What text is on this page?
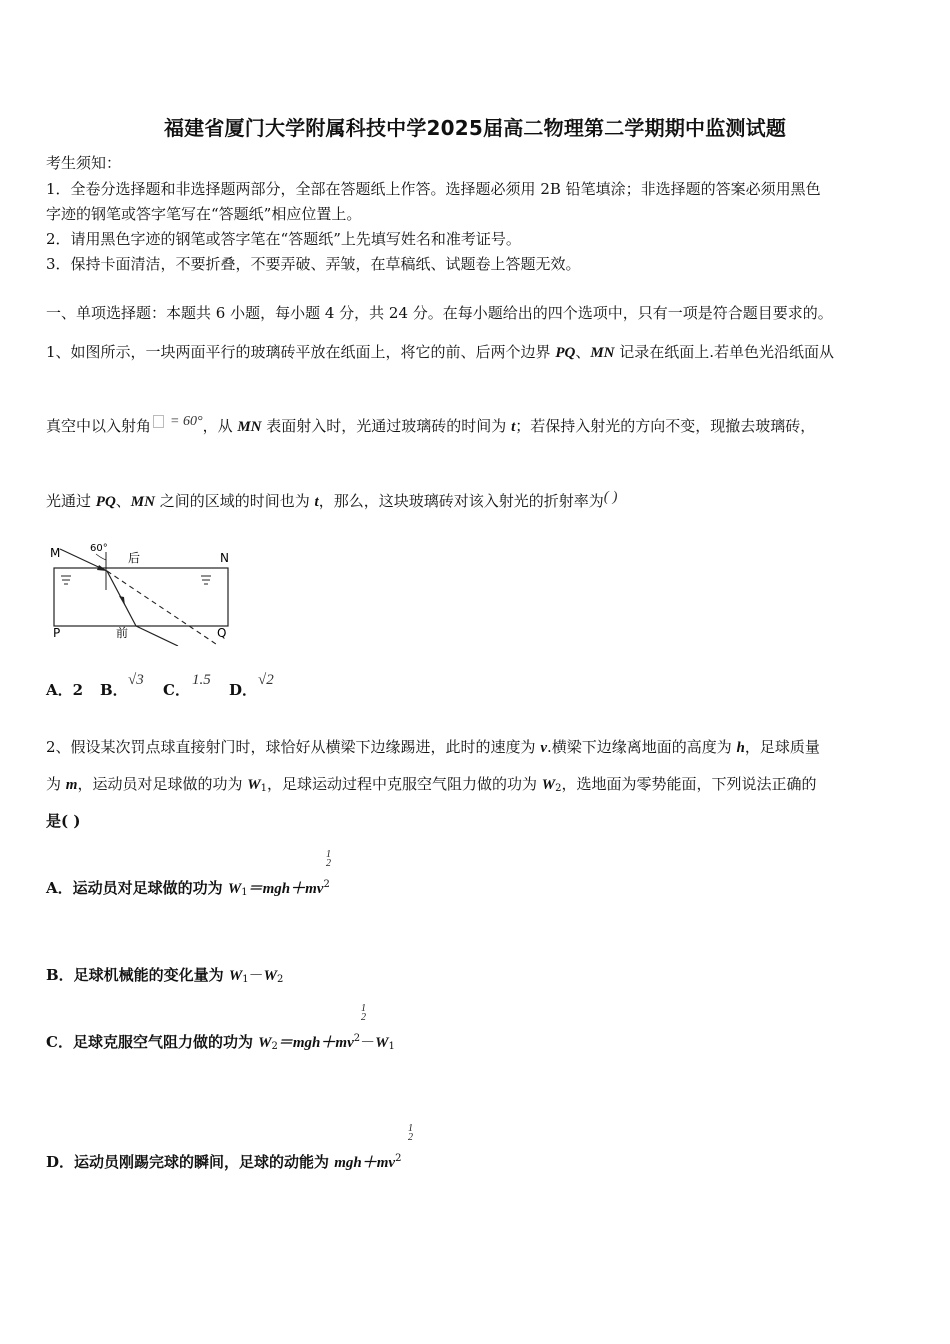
福建省厦门大学附属科技中学2025届高二物理第二学期期中监测试题
考生须知：
1．全卷分选择题和非选择题两部分，全部在答题纸上作答。选择题必须用 2B 铅笔填涂；非选择题的答案必须用黑色
字迹的钢笔或答字笔写在“答题纸”相应位置上。
2．请用黑色字迹的钢笔或答字笔在“答题纸”上先填写姓名和准考证号。
3．保持卡面清洁，不要折叠，不要弄破、弄皱，在草稿纸、试题卷上答题无效。
一、单项选择题：本题共 6 小题，每小题 4 分，共 24 分。在每小题给出的四个选项中，只有一项是符合题目要求的。
1、如图所示，一块两面平行的玻璃砖平放在纸面上，将它的前、后两个边界 PQ、MN 记录在纸面上.若单色光沿纸面从
真空中以入射角 = 60°，从 MN 表面射入时，光通过玻璃砖的时间为 t；若保持入射光的方向不变，现撤去玻璃砖，
光通过 PQ、MN 之间的区域的时间也为 t，那么，这块玻璃砖对该入射光的折射率为( )
M	N
P	Q
60°
后
前
A．2 B．
√3
C．
1.5
D．
√2
2、假设某次罚点球直接射门时，球恰好从横梁下边缘踢进，此时的速度为 v.横梁下边缘离地面的高度为 h，足球质量
为 m，运动员对足球做的功为 $W_1$，足球运动过程中克服空气阻力做的功为 $W_2$，选地面为零势能面，下列说法正确的
是( )
1
2
A．运动员对足球做的功为 $W_1=mgh+mv^2$
B．足球机械能的变化量为 $W_1-W_2$
1
2
C．足球克服空气阻力做的功为 $W_2=mgh+mv^2-W_1$
1
2
D．运动员刚踢完球的瞬间，足球的动能为 $mgh+mv^2$
